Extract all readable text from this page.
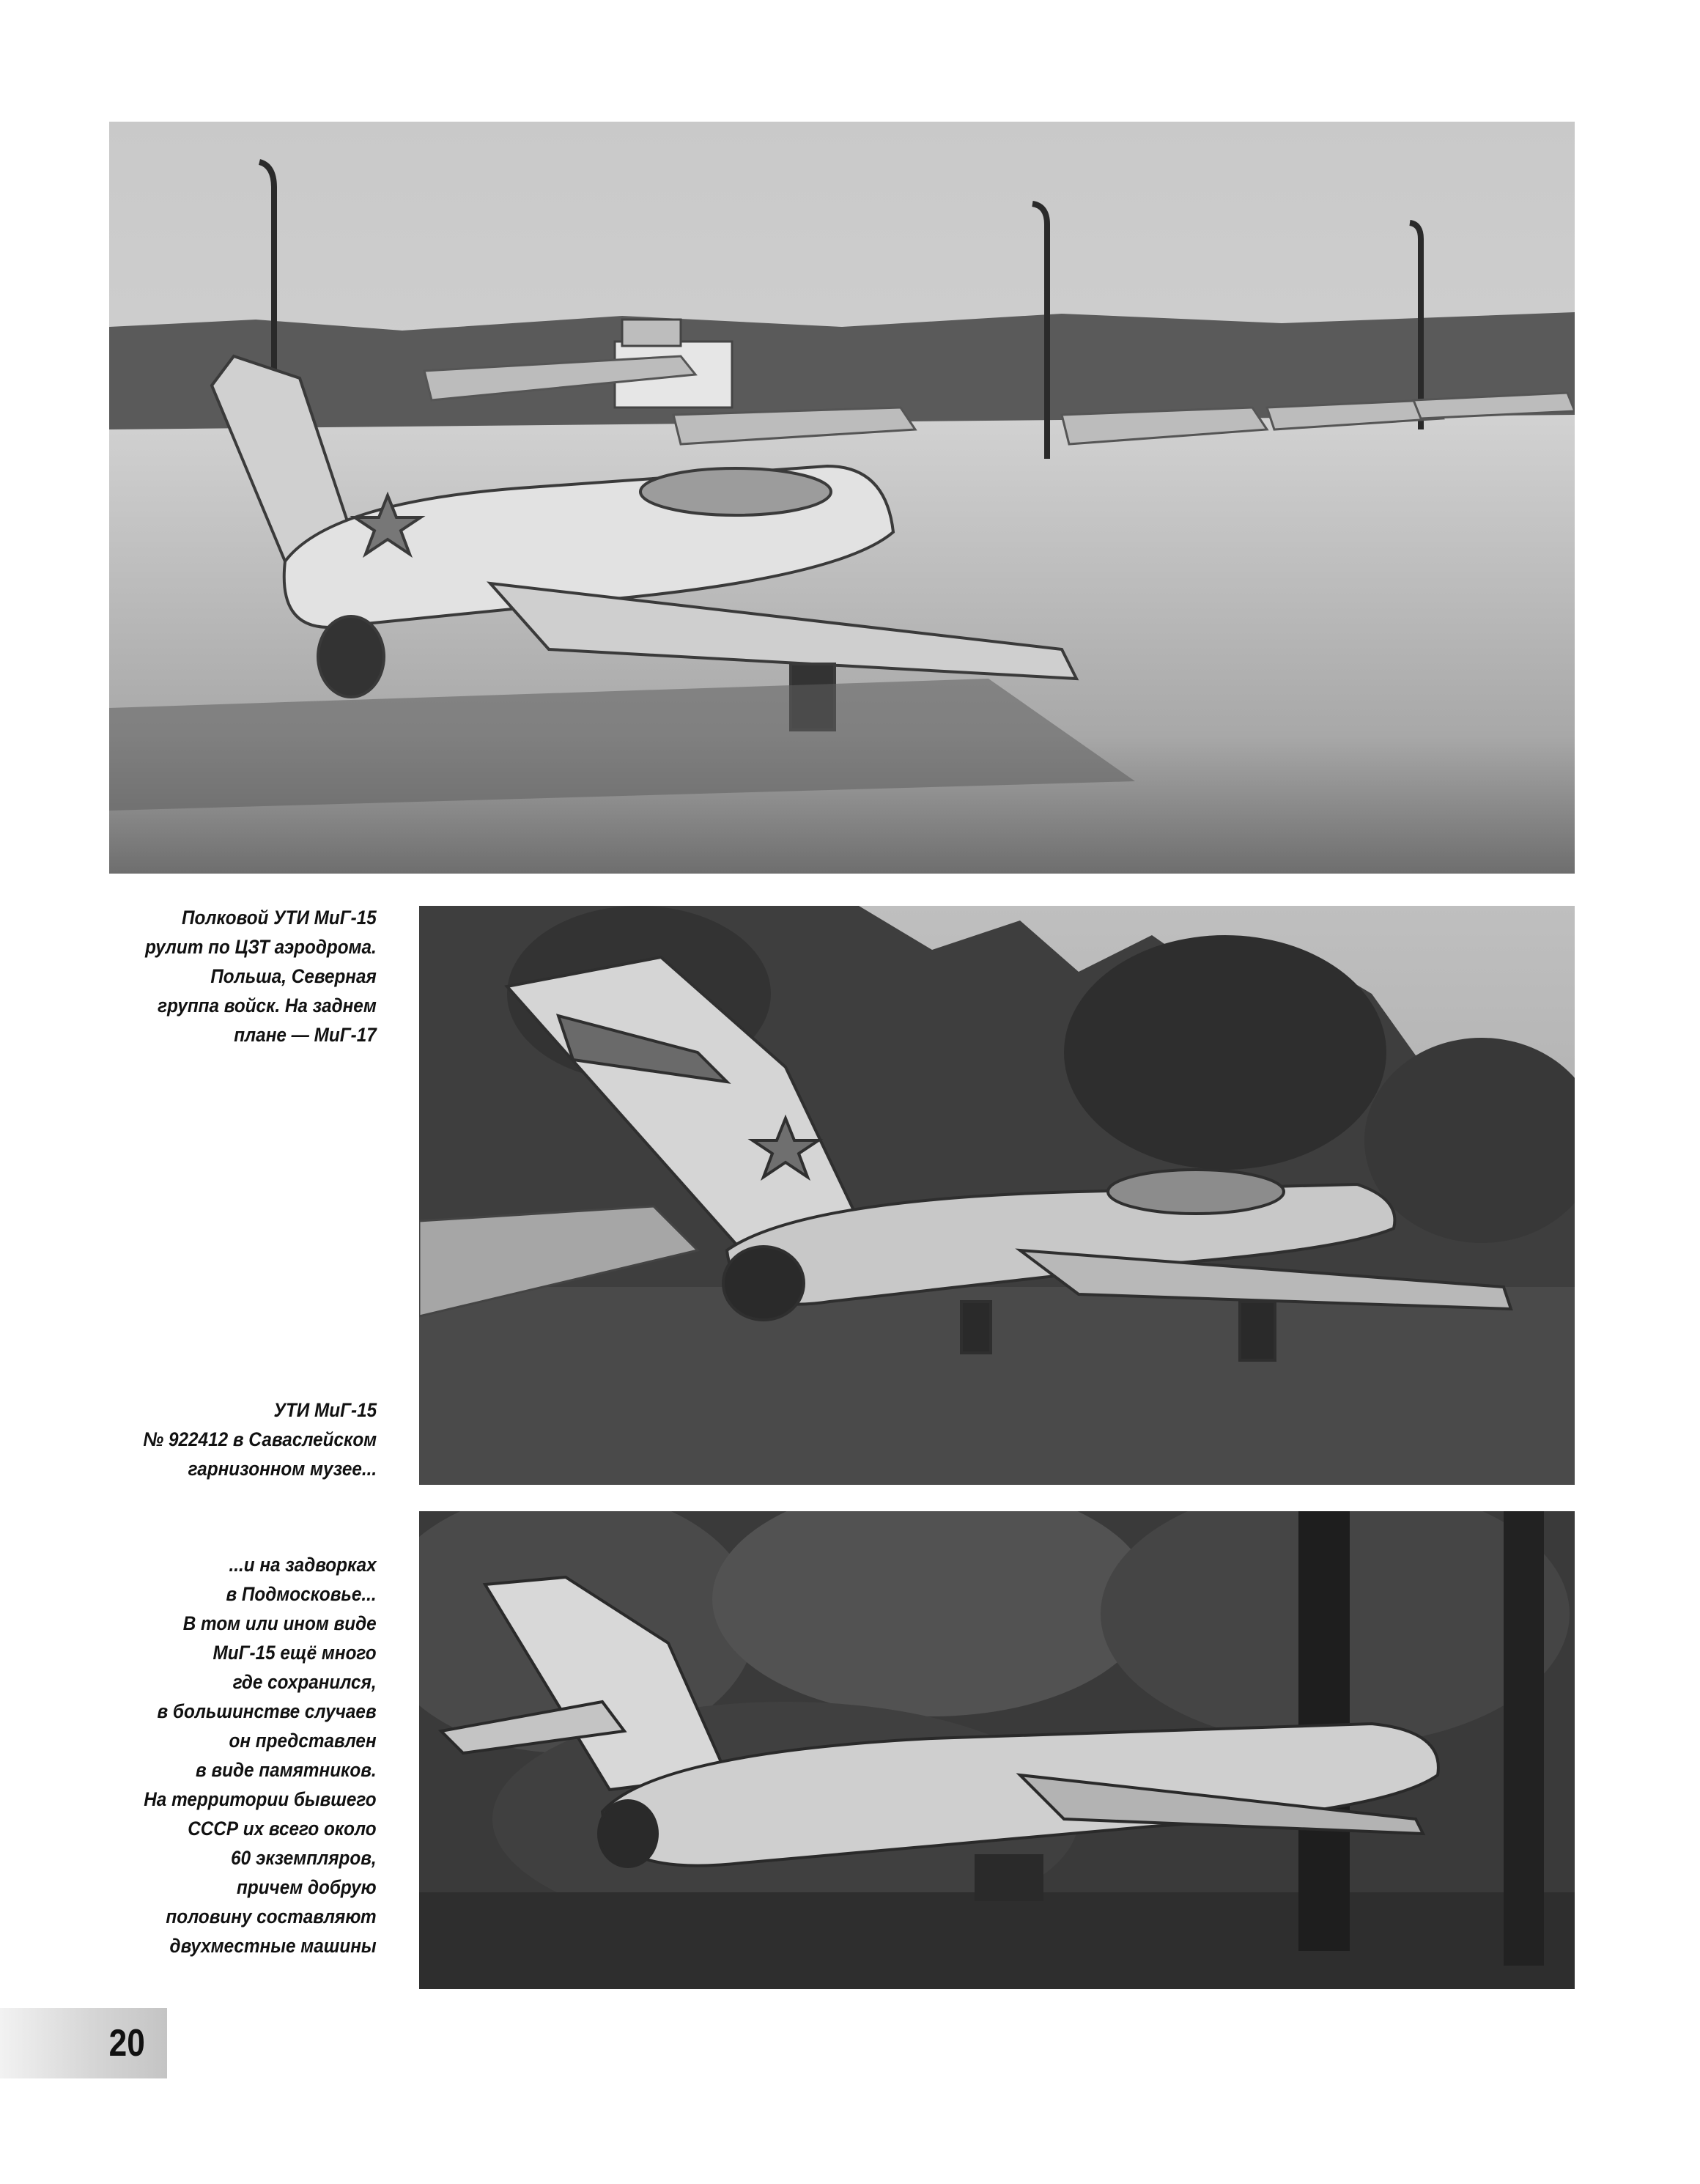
Полковой УТИ МиГ-15
рулит по ЦЗТ аэродрома.
Польша, Северная
группа войск. На заднем
плане — МиГ-17
УТИ МиГ-15
№ 922412 в Саваслейском
гарнизонном музее...
...и на задворках
в Подмосковье...
В том или ином виде
МиГ-15 ещё много
где сохранился,
в большинстве случаев
он представлен
в виде памятников.
На территории бывшего
СССР их всего около
60 экземпляров,
причем добрую
половину составляют
двухместные машины
20
